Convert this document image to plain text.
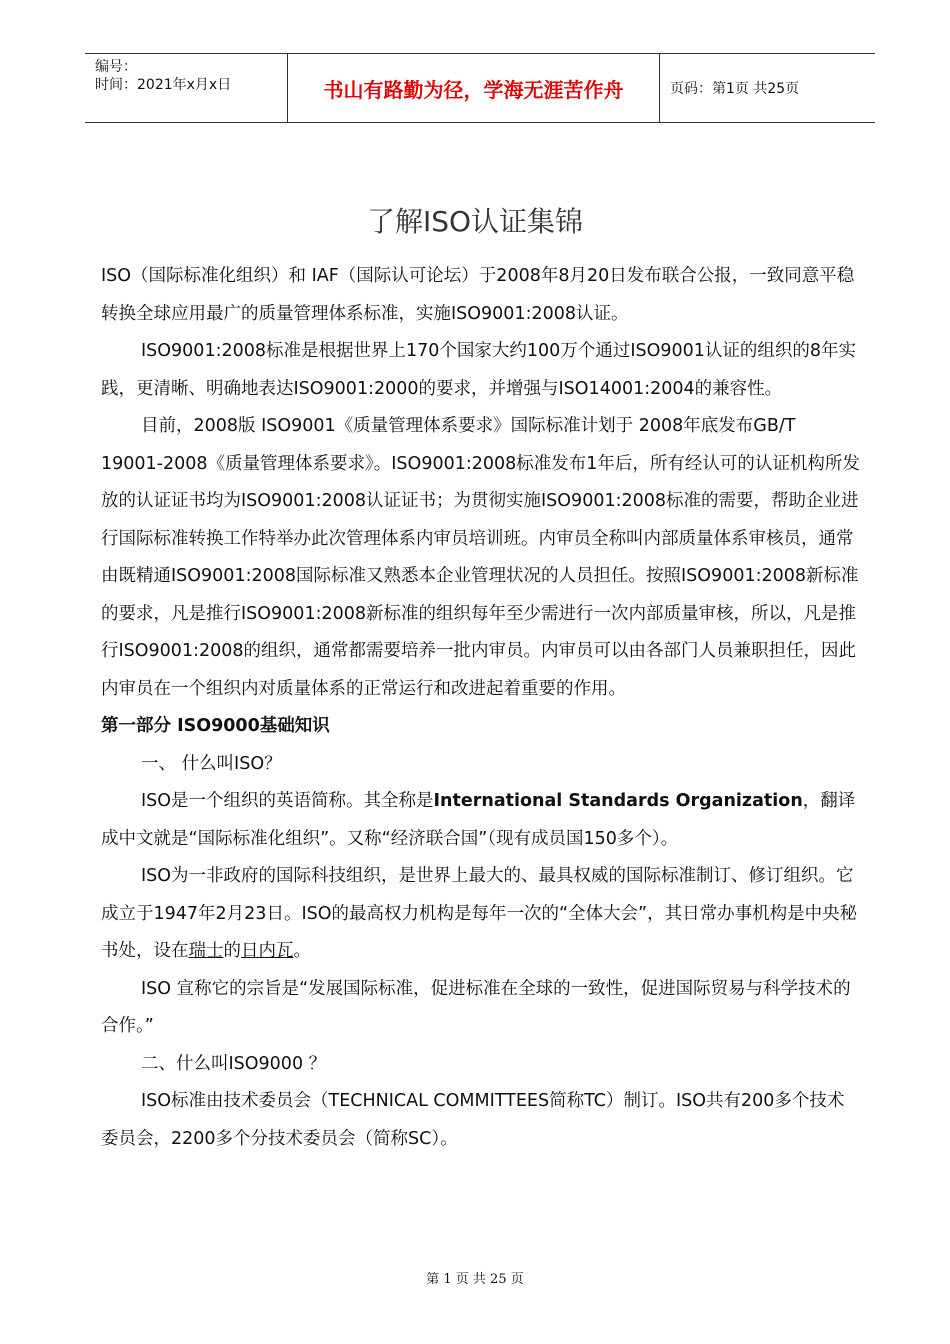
编号：
时间：2021年x月x日	书山有路勤为径，学海无涯苦作舟	页码：第1页 共25页
了解ISO认证集锦

ISO（国际标准化组织）和 IAF（国际认可论坛）于2008年8月20日发布联合公报，一致同意平稳转换全球应用最广的质量管理体系标准，实施ISO9001:2008认证。

ISO9001:2008标准是根据世界上170个国家大约100万个通过ISO9001认证的组织的8年实践，更清晰、明确地表达ISO9001:2000的要求，并增强与ISO14001:2004的兼容性。

目前，2008版 ISO9001《质量管理体系要求》国际标准计划于 2008年底发布GB/T 19001-2008《质量管理体系要求》。ISO9001:2008标准发布1年后，所有经认可的认证机构所发放的认证证书均为ISO9001:2008认证证书；为贯彻实施ISO9001:2008标准的需要，帮助企业进行国际标准转换工作特举办此次管理体系内审员培训班。内审员全称叫内部质量体系审核员，通常由既精通ISO9001:2008国际标准又熟悉本企业管理状况的人员担任。按照ISO9001:2008新标准的要求，凡是推行ISO9001:2008新标准的组织每年至少需进行一次内部质量审核，所以，凡是推行ISO9001:2008的组织，通常都需要培养一批内审员。内审员可以由各部门人员兼职担任，因此内审员在一个组织内对质量体系的正常运行和改进起着重要的作用。

第一部分 ISO9000基础知识

一、 什么叫ISO？

ISO是一个组织的英语简称。其全称是International Standards Organization，翻译成中文就是“国际标准化组织”。又称“经济联合国”（现有成员国150多个）。

ISO为一非政府的国际科技组织，是世界上最大的、最具权威的国际标准制订、修订组织。它成立于1947年2月23日。ISO的最高权力机构是每年一次的“全体大会”，其日常办事机构是中央秘书处，设在瑞士的日内瓦。

ISO 宣称它的宗旨是“发展国际标准，促进标准在全球的一致性，促进国际贸易与科学技术的合作。”

二、什么叫ISO9000 ？

ISO标准由技术委员会（TECHNICAL COMMITTEES简称TC）制订。ISO共有200多个技术委员会，2200多个分技术委员会（简称SC）。

第 1 页 共 25 页
